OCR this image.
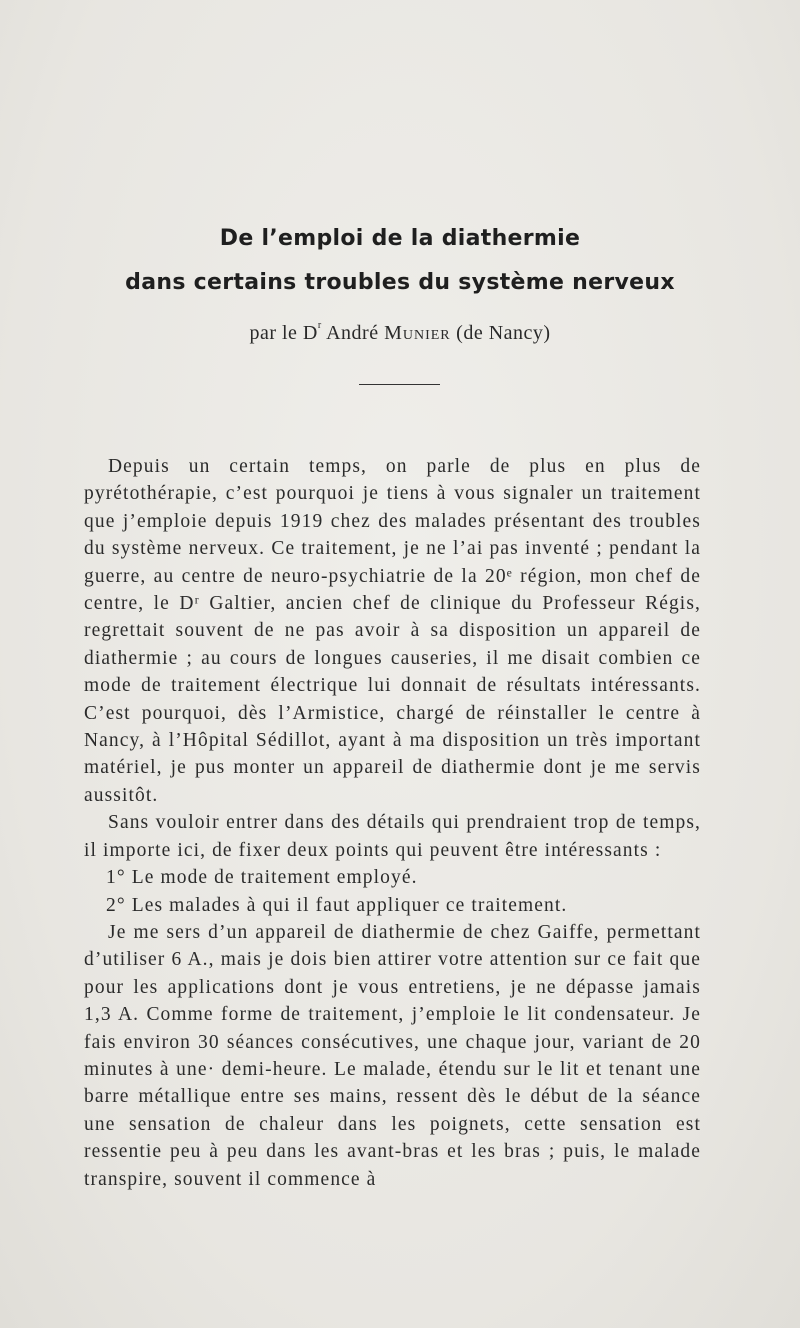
De l’emploi de la diathermie
dans certains troubles du système nerveux
par le $D^r$ André Munier (de Nancy)

Depuis un certain temps, on parle de plus en plus de pyrétothérapie, c’est pourquoi je tiens à vous signaler un traitement que j’emploie depuis 1919 chez des malades présentant des troubles du système nerveux. Ce traitement, je ne l’ai pas inventé ; pendant la guerre, au centre de neuro-psychiatrie de la 20ᵉ région, mon chef de centre, le Dʳ Galtier, ancien chef de clinique du Professeur Régis, regrettait souvent de ne pas avoir à sa disposition un appareil de diathermie ; au cours de longues causeries, il me disait combien ce mode de traitement électrique lui donnait de résultats intéressants. C’est pourquoi, dès l’Armistice, chargé de réinstaller le centre à Nancy, à l’Hôpital Sédillot, ayant à ma disposition un très important matériel, je pus monter un appareil de diathermie dont je me servis aussitôt.

Sans vouloir entrer dans des détails qui prendraient trop de temps, il importe ici, de fixer deux points qui peuvent être intéressants :

1° Le mode de traitement employé.

2° Les malades à qui il faut appliquer ce traitement.

Je me sers d’un appareil de diathermie de chez Gaiffe, permettant d’utiliser 6 A., mais je dois bien attirer votre attention sur ce fait que pour les applications dont je vous entretiens, je ne dépasse jamais 1,3 A. Comme forme de traitement, j’emploie le lit condensateur. Je fais environ 30 séances consécutives, une chaque jour, variant de 20 minutes à une· demi-heure. Le malade, étendu sur le lit et tenant une barre métallique entre ses mains, ressent dès le début de la séance une sensation de chaleur dans les poignets, cette sensation est ressentie peu à peu dans les avant-bras et les bras ; puis, le malade transpire, souvent il commence à
